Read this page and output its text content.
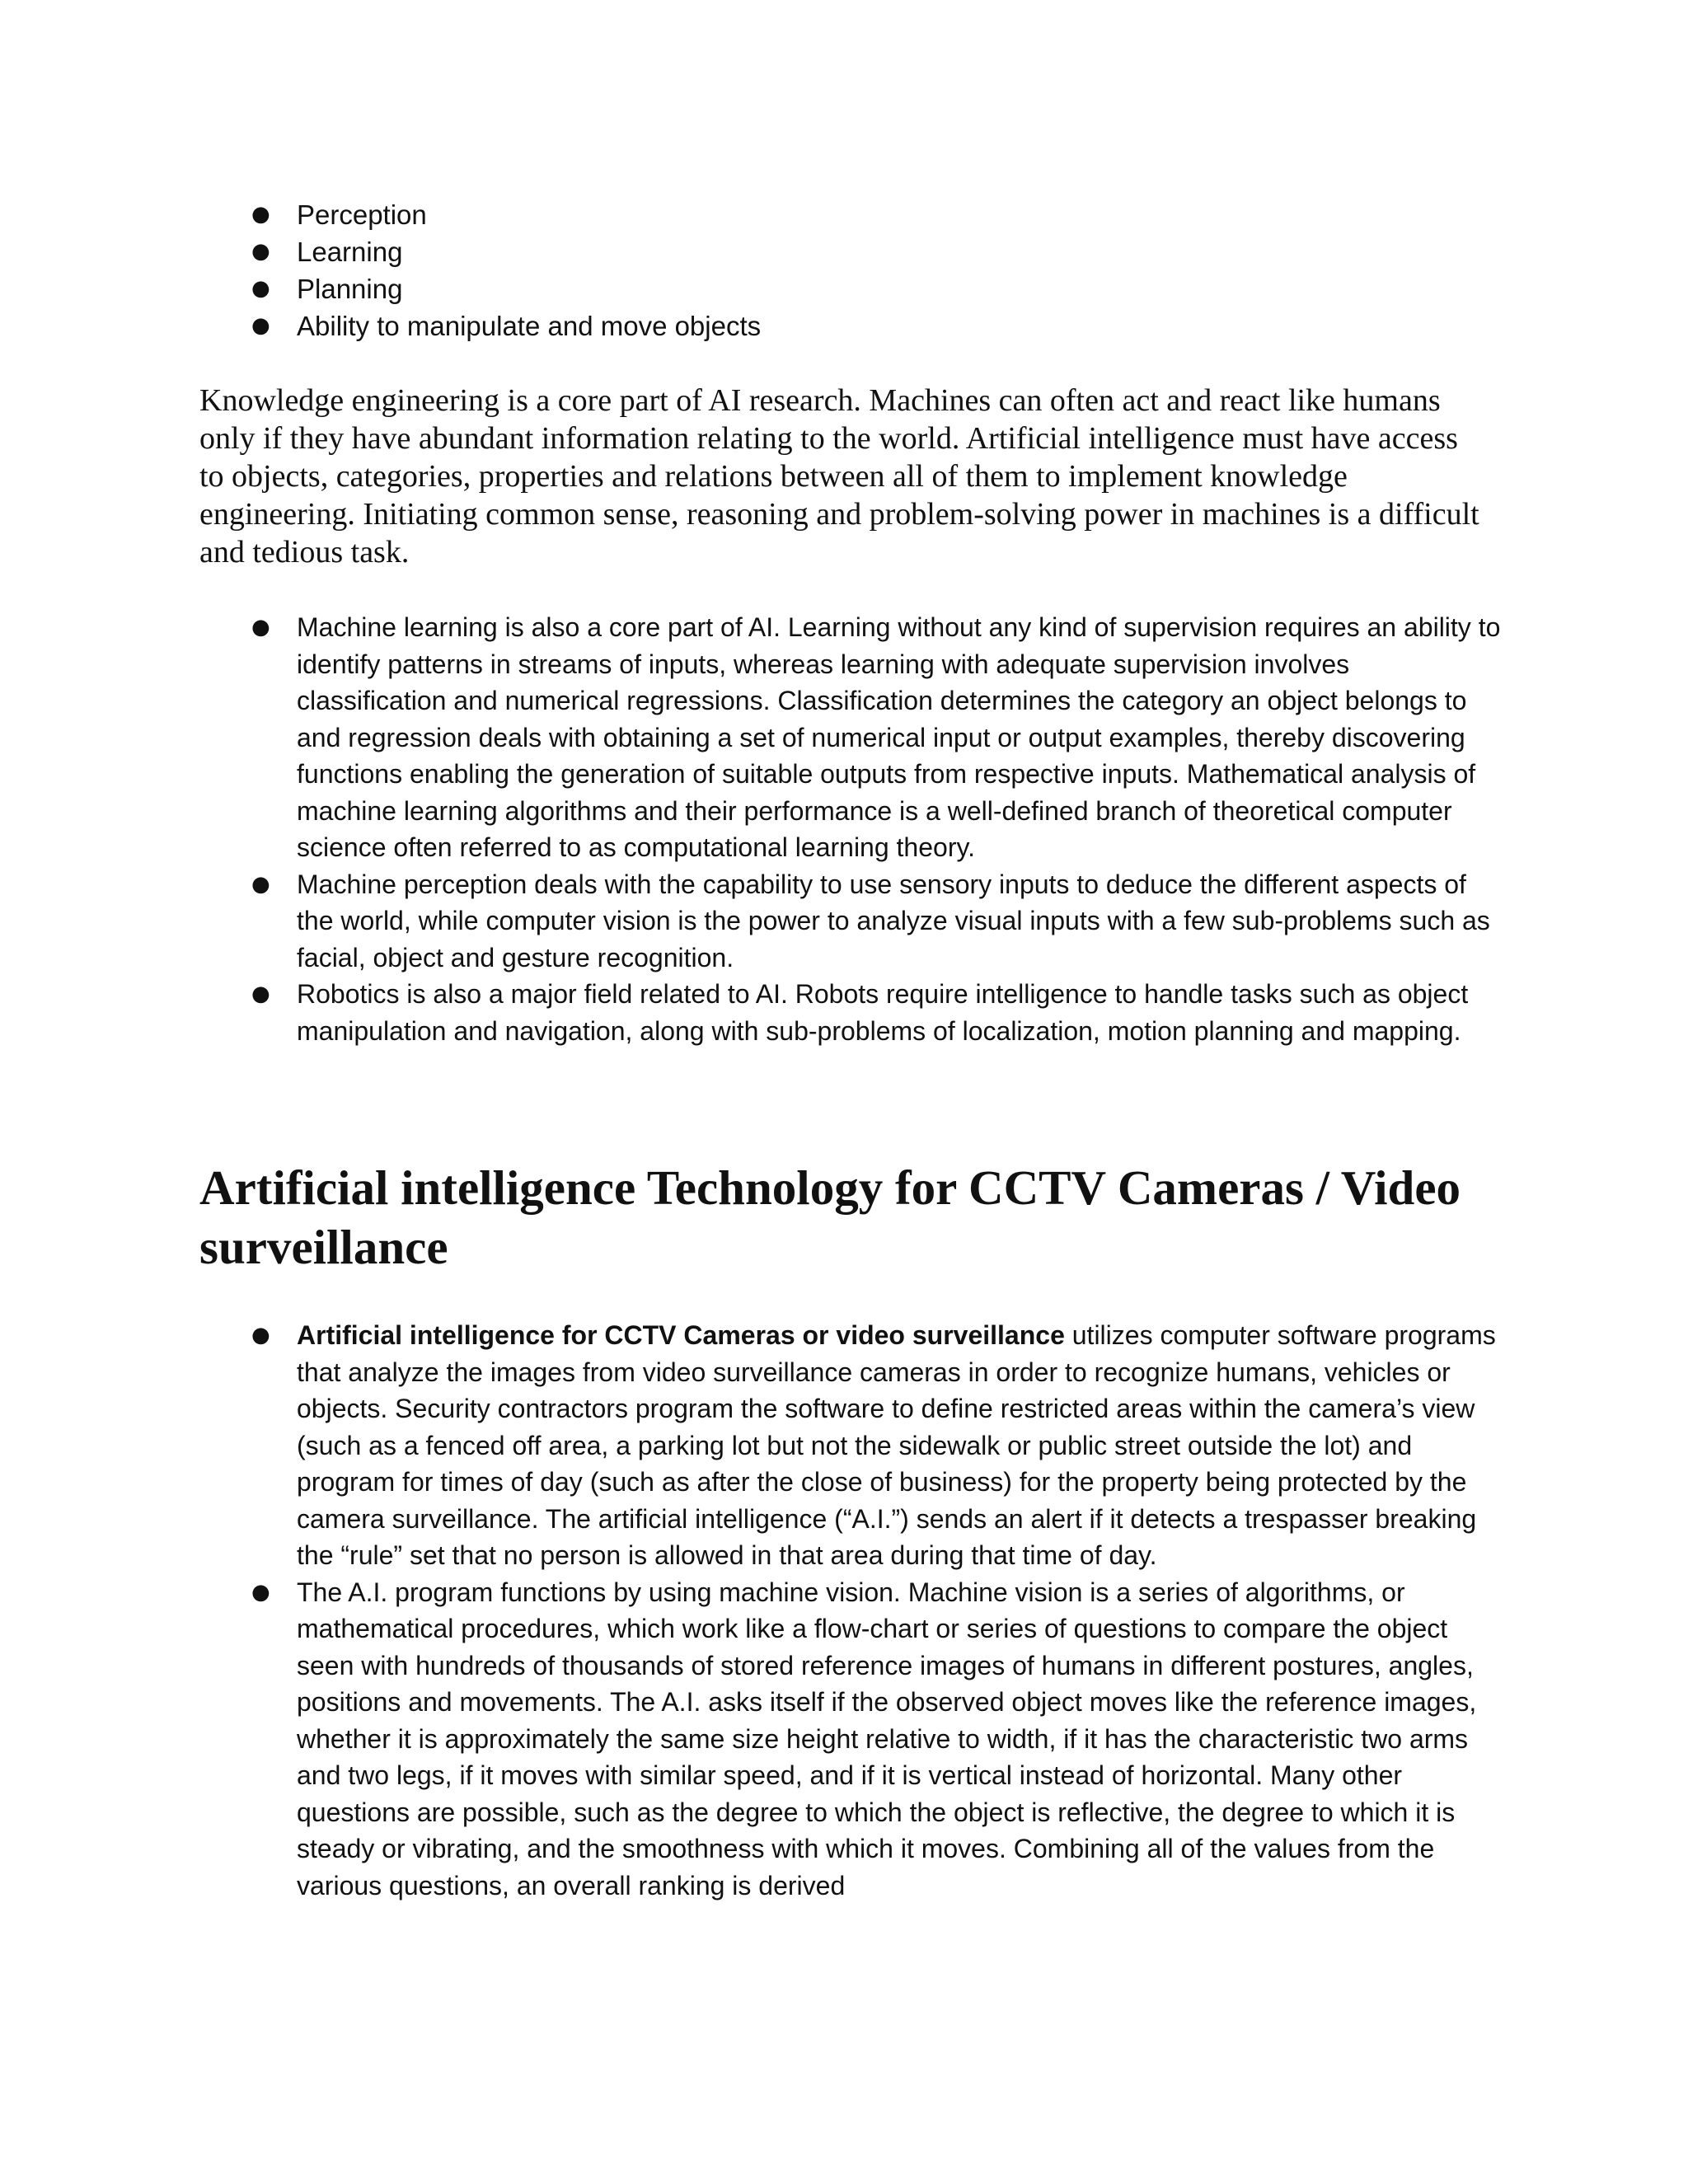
● Perception
● Learning
● Planning
● Ability to manipulate and move objects

Knowledge engineering is a core part of AI research. Machines can often act and react like humans only if they have abundant information relating to the world. Artificial intelligence must have access to objects, categories, properties and relations between all of them to implement knowledge engineering. Initiating common sense, reasoning and problem-solving power in machines is a difficult and tedious task.

● Machine learning is also a core part of AI. Learning without any kind of supervision requires an ability to identify patterns in streams of inputs, whereas learning with adequate supervision involves classification and numerical regressions. Classification determines the category an object belongs to and regression deals with obtaining a set of numerical input or output examples, thereby discovering functions enabling the generation of suitable outputs from respective inputs. Mathematical analysis of machine learning algorithms and their performance is a well-defined branch of theoretical computer science often referred to as computational learning theory.
● Machine perception deals with the capability to use sensory inputs to deduce the different aspects of the world, while computer vision is the power to analyze visual inputs with a few sub-problems such as facial, object and gesture recognition.
● Robotics is also a major field related to AI. Robots require intelligence to handle tasks such as object manipulation and navigation, along with sub-problems of localization, motion planning and mapping.
Artificial intelligence Technology for CCTV Cameras / Video surveillance
● Artificial intelligence for CCTV Cameras or video surveillance utilizes computer software programs that analyze the images from video surveillance cameras in order to recognize humans, vehicles or objects. Security contractors program the software to define restricted areas within the camera’s view (such as a fenced off area, a parking lot but not the sidewalk or public street outside the lot) and program for times of day (such as after the close of business) for the property being protected by the camera surveillance. The artificial intelligence (“A.I.”) sends an alert if it detects a trespasser breaking the “rule” set that no person is allowed in that area during that time of day.
● The A.I. program functions by using machine vision. Machine vision is a series of algorithms, or mathematical procedures, which work like a flow-chart or series of questions to compare the object seen with hundreds of thousands of stored reference images of humans in different postures, angles, positions and movements. The A.I. asks itself if the observed object moves like the reference images, whether it is approximately the same size height relative to width, if it has the characteristic two arms and two legs, if it moves with similar speed, and if it is vertical instead of horizontal. Many other questions are possible, such as the degree to which the object is reflective, the degree to which it is steady or vibrating, and the smoothness with which it moves. Combining all of the values from the various questions, an overall ranking is derived
